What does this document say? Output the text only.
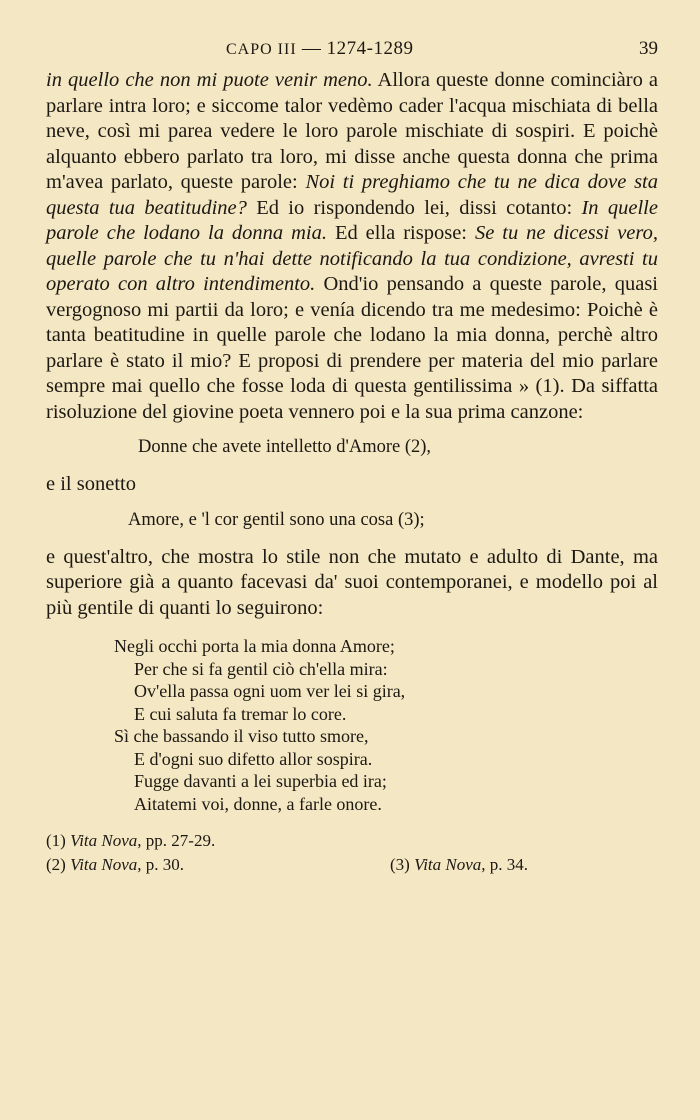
CAPO III — 1274-1289	39

in quello che non mi puote venir meno. Allora queste donne cominciàro a parlare intra loro; e siccome talor vedèmo cader l'acqua mischiata di bella neve, così mi parea vedere le loro parole mischiate di sospiri. E poichè alquanto ebbero parlato tra loro, mi disse anche questa donna che prima m'avea parlato, queste parole: Noi ti preghiamo che tu ne dica dove sta questa tua beatitudine? Ed io rispondendo lei, dissi cotanto: In quelle parole che lodano la donna mia. Ed ella rispose: Se tu ne dicessi vero, quelle parole che tu n'hai dette notificando la tua condizione, avresti tu operato con altro intendimento. Ond'io pensando a queste parole, quasi vergognoso mi partii da loro; e venía dicendo tra me medesimo: Poichè è tanta beatitudine in quelle parole che lodano la mia donna, perchè altro parlare è stato il mio? E proposi di prendere per materia del mio parlare sempre mai quello che fosse loda di questa gentilissima » (1). Da siffatta risoluzione del giovine poeta vennero poi e la sua prima canzone:

Donne che avete intelletto d'Amore (2),
e il sonetto
Amore, e 'l cor gentil sono una cosa (3);

e quest'altro, che mostra lo stile non che mutato e adulto di Dante, ma superiore già a quanto facevasi da' suoi contemporanei, e modello poi al più gentile di quanti lo seguirono:

Negli occhi porta la mia donna Amore;
Per che si fa gentil ciò ch'ella mira:
Ov'ella passa ogni uom ver lei si gira,
E cui saluta fa tremar lo core.
Sì che bassando il viso tutto smore,
E d'ogni suo difetto allor sospira.
Fugge davanti a lei superbia ed ira;
Aitatemi voi, donne, a farle onore.
(1) Vita Nova, pp. 27-29.
(2) Vita Nova, p. 30.	(3) Vita Nova, p. 34.
